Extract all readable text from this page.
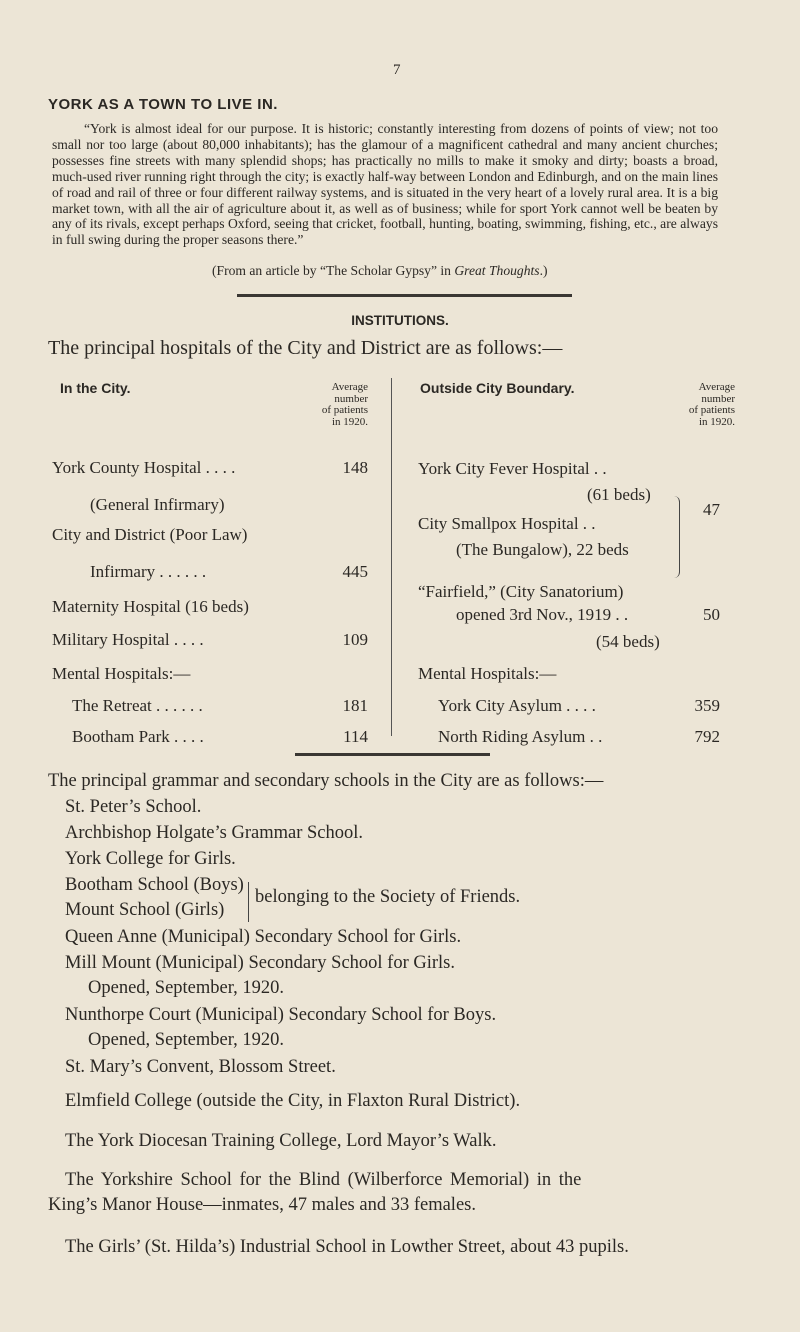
7
YORK AS A TOWN TO LIVE IN.
“York is almost ideal for our purpose. It is historic; constantly interesting from dozens of points of view; not too small nor too large (about 80,000 inhabitants); has the glamour of a magnificent cathedral and many ancient churches; possesses fine streets with many splendid shops; has practically no mills to make it smoky and dirty; boasts a broad, much-used river running right through the city; is exactly half-way between London and Edinburgh, and on the main lines of road and rail of three or four different railway systems, and is situated in the very heart of a lovely rural area. It is a big market town, with all the air of agriculture about it, as well as of business; while for sport York cannot well be beaten by any of its rivals, except perhaps Oxford, seeing that cricket, football, hunting, boating, swimming, fishing, etc., are always in full swing during the proper seasons there.”
(From an article by “The Scholar Gypsy” in Great Thoughts.)
INSTITUTIONS.
The principal hospitals of the City and District are as follows:—
In the City.	Average
number
of patients
in 1920.
Outside City Boundary.	Average
number
of patients
in 1920.
York County Hospital . . . .	148
(General Infirmary)
City and District (Poor Law)
Infirmary . . . . . .	445
Maternity Hospital (16 beds)
Military Hospital . . . .	109
Mental Hospitals:—
The Retreat . . . . . .	181
Bootham Park . . . .	114
York City Fever Hospital . .
(61 beds)
City Smallpox Hospital . .
(The Bungalow), 22 beds
47
“Fairfield,” (City Sanatorium)
opened 3rd Nov., 1919 . .	50
(54 beds)
Mental Hospitals:—
York City Asylum . . . .	359
North Riding Asylum . .	792
The principal grammar and secondary schools in the City are as follows:—
St. Peter’s School.
Archbishop Holgate’s Grammar School.
York College for Girls.
Bootham School (Boys)
Mount School (Girls)
belonging to the Society of Friends.
Queen Anne (Municipal) Secondary School for Girls.
Mill Mount (Municipal) Secondary School for Girls.
Opened, September, 1920.
Nunthorpe Court (Municipal) Secondary School for Boys.
Opened, September, 1920.
St. Mary’s Convent, Blossom Street.
Elmfield College (outside the City, in Flaxton Rural District).
The York Diocesan Training College, Lord Mayor’s Walk.
The Yorkshire School for the Blind (Wilberforce Memorial) in the
King’s Manor House—inmates, 47 males and 33 females.
The Girls’ (St. Hilda’s) Industrial School in Lowther Street, about 43 pupils.
